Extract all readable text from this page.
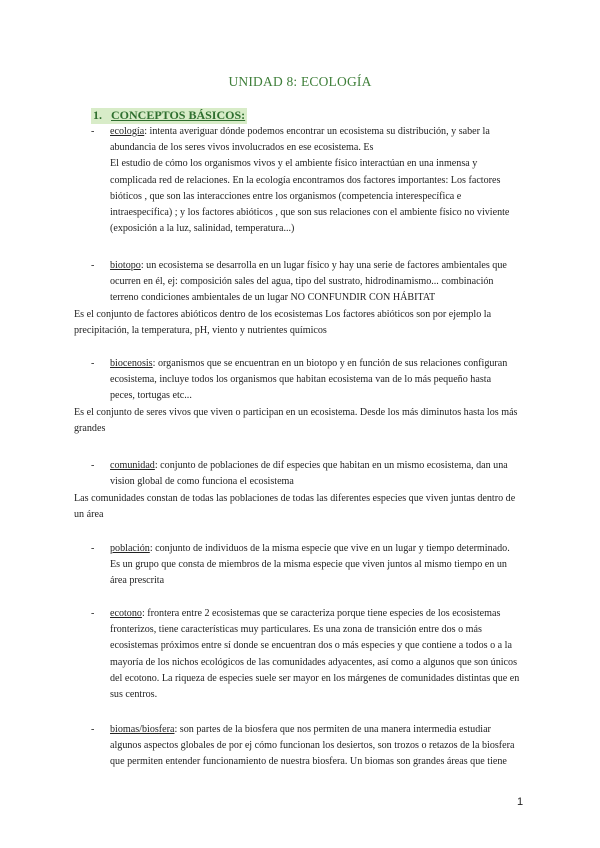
UNIDAD 8: ECOLOGÍA
1. CONCEPTOS BÁSICOS:
-	ecología: intenta averiguar dónde podemos encontrar un ecosistema su distribución, y saber la
abundancia de los seres vivos involucrados en ese ecosistema. Es
El estudio de cómo los organismos vivos y el ambiente físico interactúan en una inmensa y
complicada red de relaciones. En la ecología encontramos dos factores importantes: Los factores
bióticos , que son las interacciones entre los organismos (competencia interespecífica e
intraespecífica) ; y los factores abióticos , que son sus relaciones con el ambiente físico no viviente
(exposición a la luz, salinidad, temperatura...)
-	biotopo: un ecosistema se desarrolla en un lugar físico y hay una serie de factores ambientales que
ocurren en él, ej: composición sales del agua, tipo del sustrato, hidrodinamismo... combinación
terreno condiciones ambientales de un lugar NO CONFUNDIR CON HÁBITAT
Es el conjunto de factores abióticos dentro de los ecosistemas Los factores abióticos son por ejemplo la
precipitación, la temperatura, pH, viento y nutrientes químicos
-	biocenosis: organismos que se encuentran en un biotopo y en función de sus relaciones configuran
ecosistema, incluye todos los organismos que habitan ecosistema van de lo más pequeño hasta
peces, tortugas etc...
Es el conjunto de seres vivos que viven o participan en un ecosistema. Desde los más diminutos hasta los más
grandes
-	comunidad: conjunto de poblaciones de dif especies que habitan en un mismo ecosistema, dan una
vision global de como funciona el ecosistema
Las comunidades constan de todas las poblaciones de todas las diferentes especies que viven juntas dentro de
un área
-	población: conjunto de individuos de la misma especie que vive en un lugar y tiempo determinado.
Es un grupo que consta de miembros de la misma especie que viven juntos al mismo tiempo en un
área prescrita
-	ecotono: frontera entre 2 ecosistemas que se caracteriza porque tiene especies de los ecosistemas
fronterizos, tiene características muy particulares. Es una zona de transición entre dos o más
ecosistemas próximos entre sí donde se encuentran dos o más especies y que contiene a todos o a la
mayoría de los nichos ecológicos de las comunidades adyacentes, así como a algunos que son únicos
del ecotono. La riqueza de especies suele ser mayor en los márgenes de comunidades distintas que en
sus centros.
-	biomas/biosfera: son partes de la biosfera que nos permiten de una manera intermedia estudiar
algunos aspectos globales de por ej cómo funcionan los desiertos, son trozos o retazos de la biosfera
que permiten entender funcionamiento de nuestra biosfera. Un biomas son grandes áreas que tiene
1
